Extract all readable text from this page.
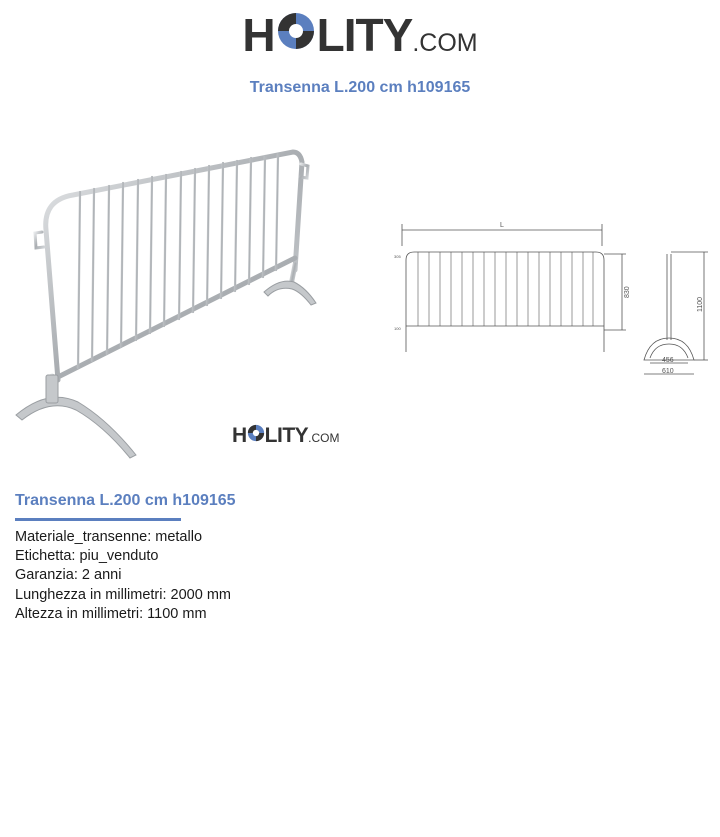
H LITY .COM
Transenna L.200 cm h109165
H LITY .COM
L
830
1100
456
610
305
100
Transenna L.200 cm h109165
Materiale_transenne: metallo
Etichetta: piu_venduto
Garanzia: 2 anni
Lunghezza in millimetri: 2000 mm
Altezza in millimetri: 1100 mm
